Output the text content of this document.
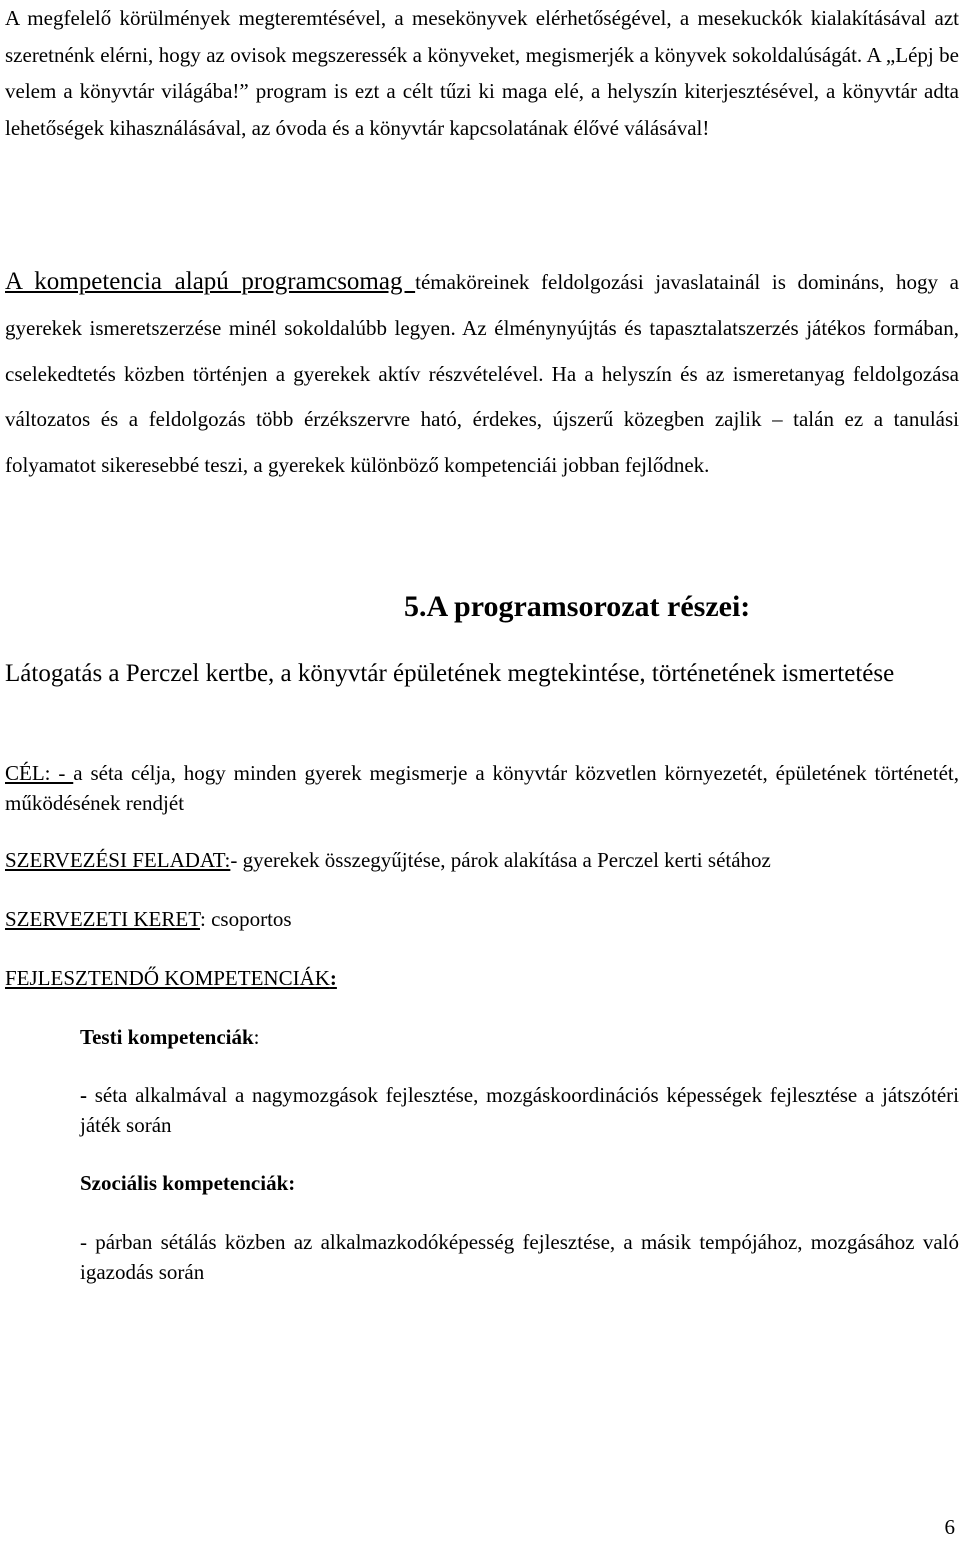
A megfelelő körülmények megteremtésével, a mesekönyvek elérhetőségével, a mesekuckók kialakításával azt szeretnénk elérni, hogy az ovisok megszeressék a könyveket, megismerjék a könyvek sokoldalúságát. A „Lépj be velem a könyvtár világába!” program is ezt a célt tűzi ki maga elé, a helyszín kiterjesztésével, a könyvtár adta lehetőségek kihasználásával, az óvoda és a könyvtár kapcsolatának élővé válásával!

A kompetencia alapú programcsomag témaköreinek feldolgozási javaslatainál is domináns, hogy a gyerekek ismeretszerzése minél sokoldalúbb legyen. Az élménynyújtás és tapasztalatszerzés játékos formában, cselekedtetés közben történjen a gyerekek aktív részvételével. Ha a helyszín és az ismeretanyag feldolgozása változatos és a feldolgozás több érzékszervre ható, érdekes, újszerű közegben zajlik – talán ez a tanulási folyamatot sikeresebbé teszi, a gyerekek különböző kompetenciái jobban fejlődnek.

5.A programsorozat részei:
Látogatás a Perczel kertbe, a könyvtár épületének megtekintése, történetének ismertetése
CÉL: - a séta célja, hogy minden gyerek megismerje a könyvtár közvetlen környezetét, épületének történetét, működésének rendjét
SZERVEZÉSI FELADAT:- gyerekek összegyűjtése, párok alakítása a Perczel kerti sétához
SZERVEZETI KERET: csoportos
FEJLESZTENDŐ KOMPETENCIÁK:
Testi kompetenciák:
- séta alkalmával a nagymozgások fejlesztése, mozgáskoordinációs képességek fejlesztése a játszótéri játék során
Szociális kompetenciák:
- párban sétálás közben az alkalmazkodóképesség fejlesztése, a másik tempójához, mozgásához való igazodás során
6
